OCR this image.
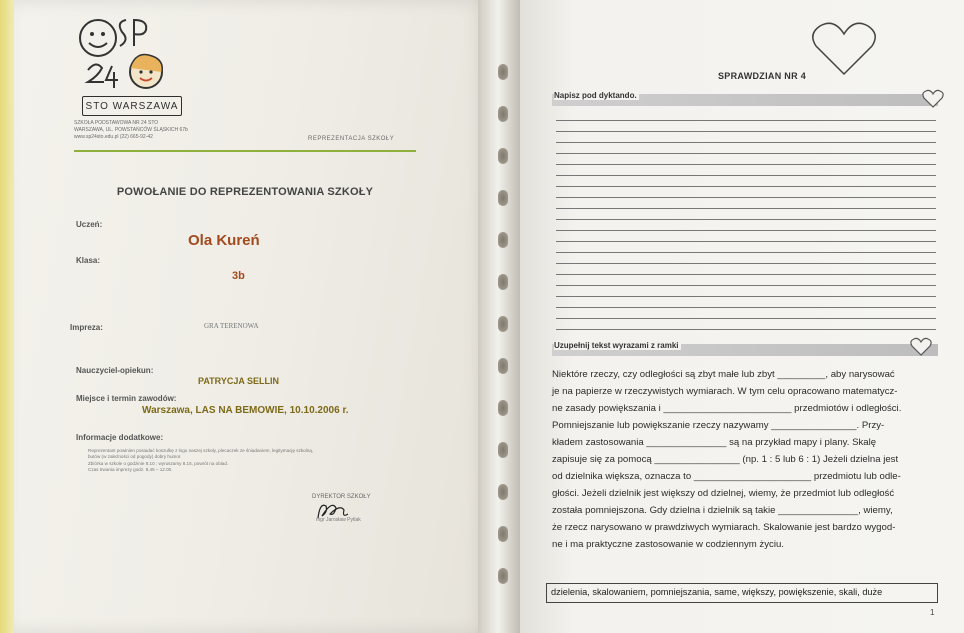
STO WARSZAWA
SZKOŁA PODSTAWOWA NR 24 STO
WARSZAWA, UL. POWSTAŃCÓW ŚLĄSKICH 67b
www.sp24sto.edu.pl (22) 665-92-42	REPREZENTACJA SZKOŁY
POWOŁANIE DO REPREZENTOWANIA SZKOŁY
Uczeń:
Ola Kureń
Klasa:
3b
Impreza:	GRA TERENOWA
Nauczyciel-opiekun:
PATRYCJA SELLIN
Miejsce i termin zawodów:
Warszawa, LAS NA BEMOWIE, 10.10.2006 r.
Informacje dodatkowe:
Reprezentant powinien posiadać koszulkę z logo naszej szkoły, plecaczek ze śniadaniem, legitymację szkolną,
butów (w zależności od pogody) dobry humor.
Zbiórka w szkole o godzinie 8.10 ; wyruszamy 8.15, powrót na obiad.
Czas trwania imprezy godz. 8.45 – 12.00.
DYREKTOR SZKOŁY
mgr Jarosław Pytlak
SPRAWDZIAN NR 4
Napisz pod dyktando.
Uzupełnij tekst wyrazami z ramki

Niektóre rzeczy, czy odległości są zbyt małe lub zbyt _________, aby narysować

je na papierze w rzeczywistych wymiarach. W tym celu opracowano matematycz-

ne zasady powiększania i ________________________ przedmiotów i odległości.

Pomniejszanie lub powiększanie rzeczy nazywamy ________________. Przy-

kładem zastosowania _______________ są na przykład mapy i plany. Skalę

zapisuje się za pomocą ________________ (np. 1 : 5 lub 6 : 1) Jeżeli dzielna jest

od dzielnika większa, oznacza to ______________________ przedmiotu lub odle-

głości. Jeżeli dzielnik jest większy od dzielnej, wiemy, że przedmiot lub odległość

została pomniejszona. Gdy dzielna i dzielnik są takie _______________, wiemy,

że rzecz narysowano w prawdziwych wymiarach. Skalowanie jest bardzo wygod-

ne i ma praktyczne zastosowanie w codziennym życiu.

dzielenia, skalowaniem, pomniejszania, same, większy, powiększenie, skali, duże
1
